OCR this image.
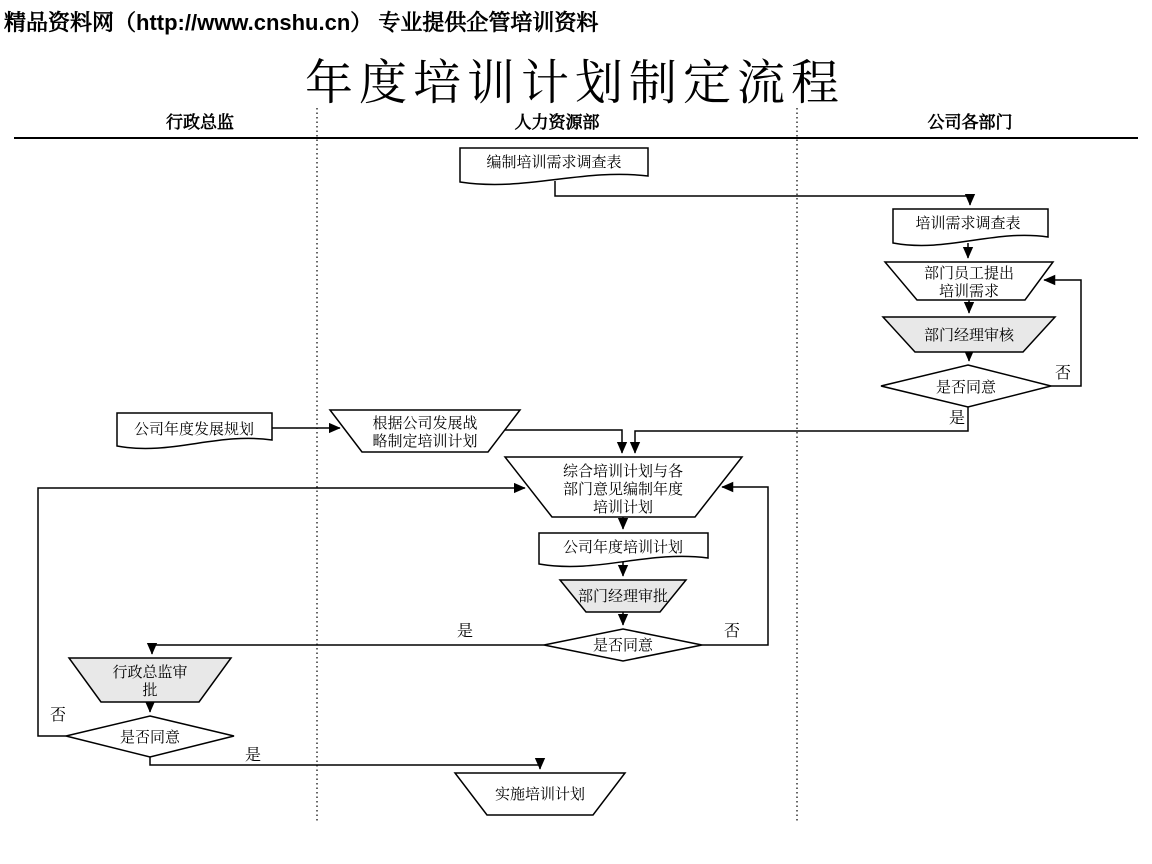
精品资料网（http://www.cnshu.cn） 专业提供企管培训资料
年度培训计划制定流程
行政总监	人力资源部	公司各部门
编制培训需求调查表
培训需求调查表
部门员工提出
培训需求
部门经理审核
是否同意
公司年度发展规划	根据公司发展战
略制定培训计划
综合培训计划与各
部门意见编制年度
培训计划
公司年度培训计划
部门经理审批
是否同意
行政总监审
批
是否同意
实施培训计划
否
是
是	否
否
是
